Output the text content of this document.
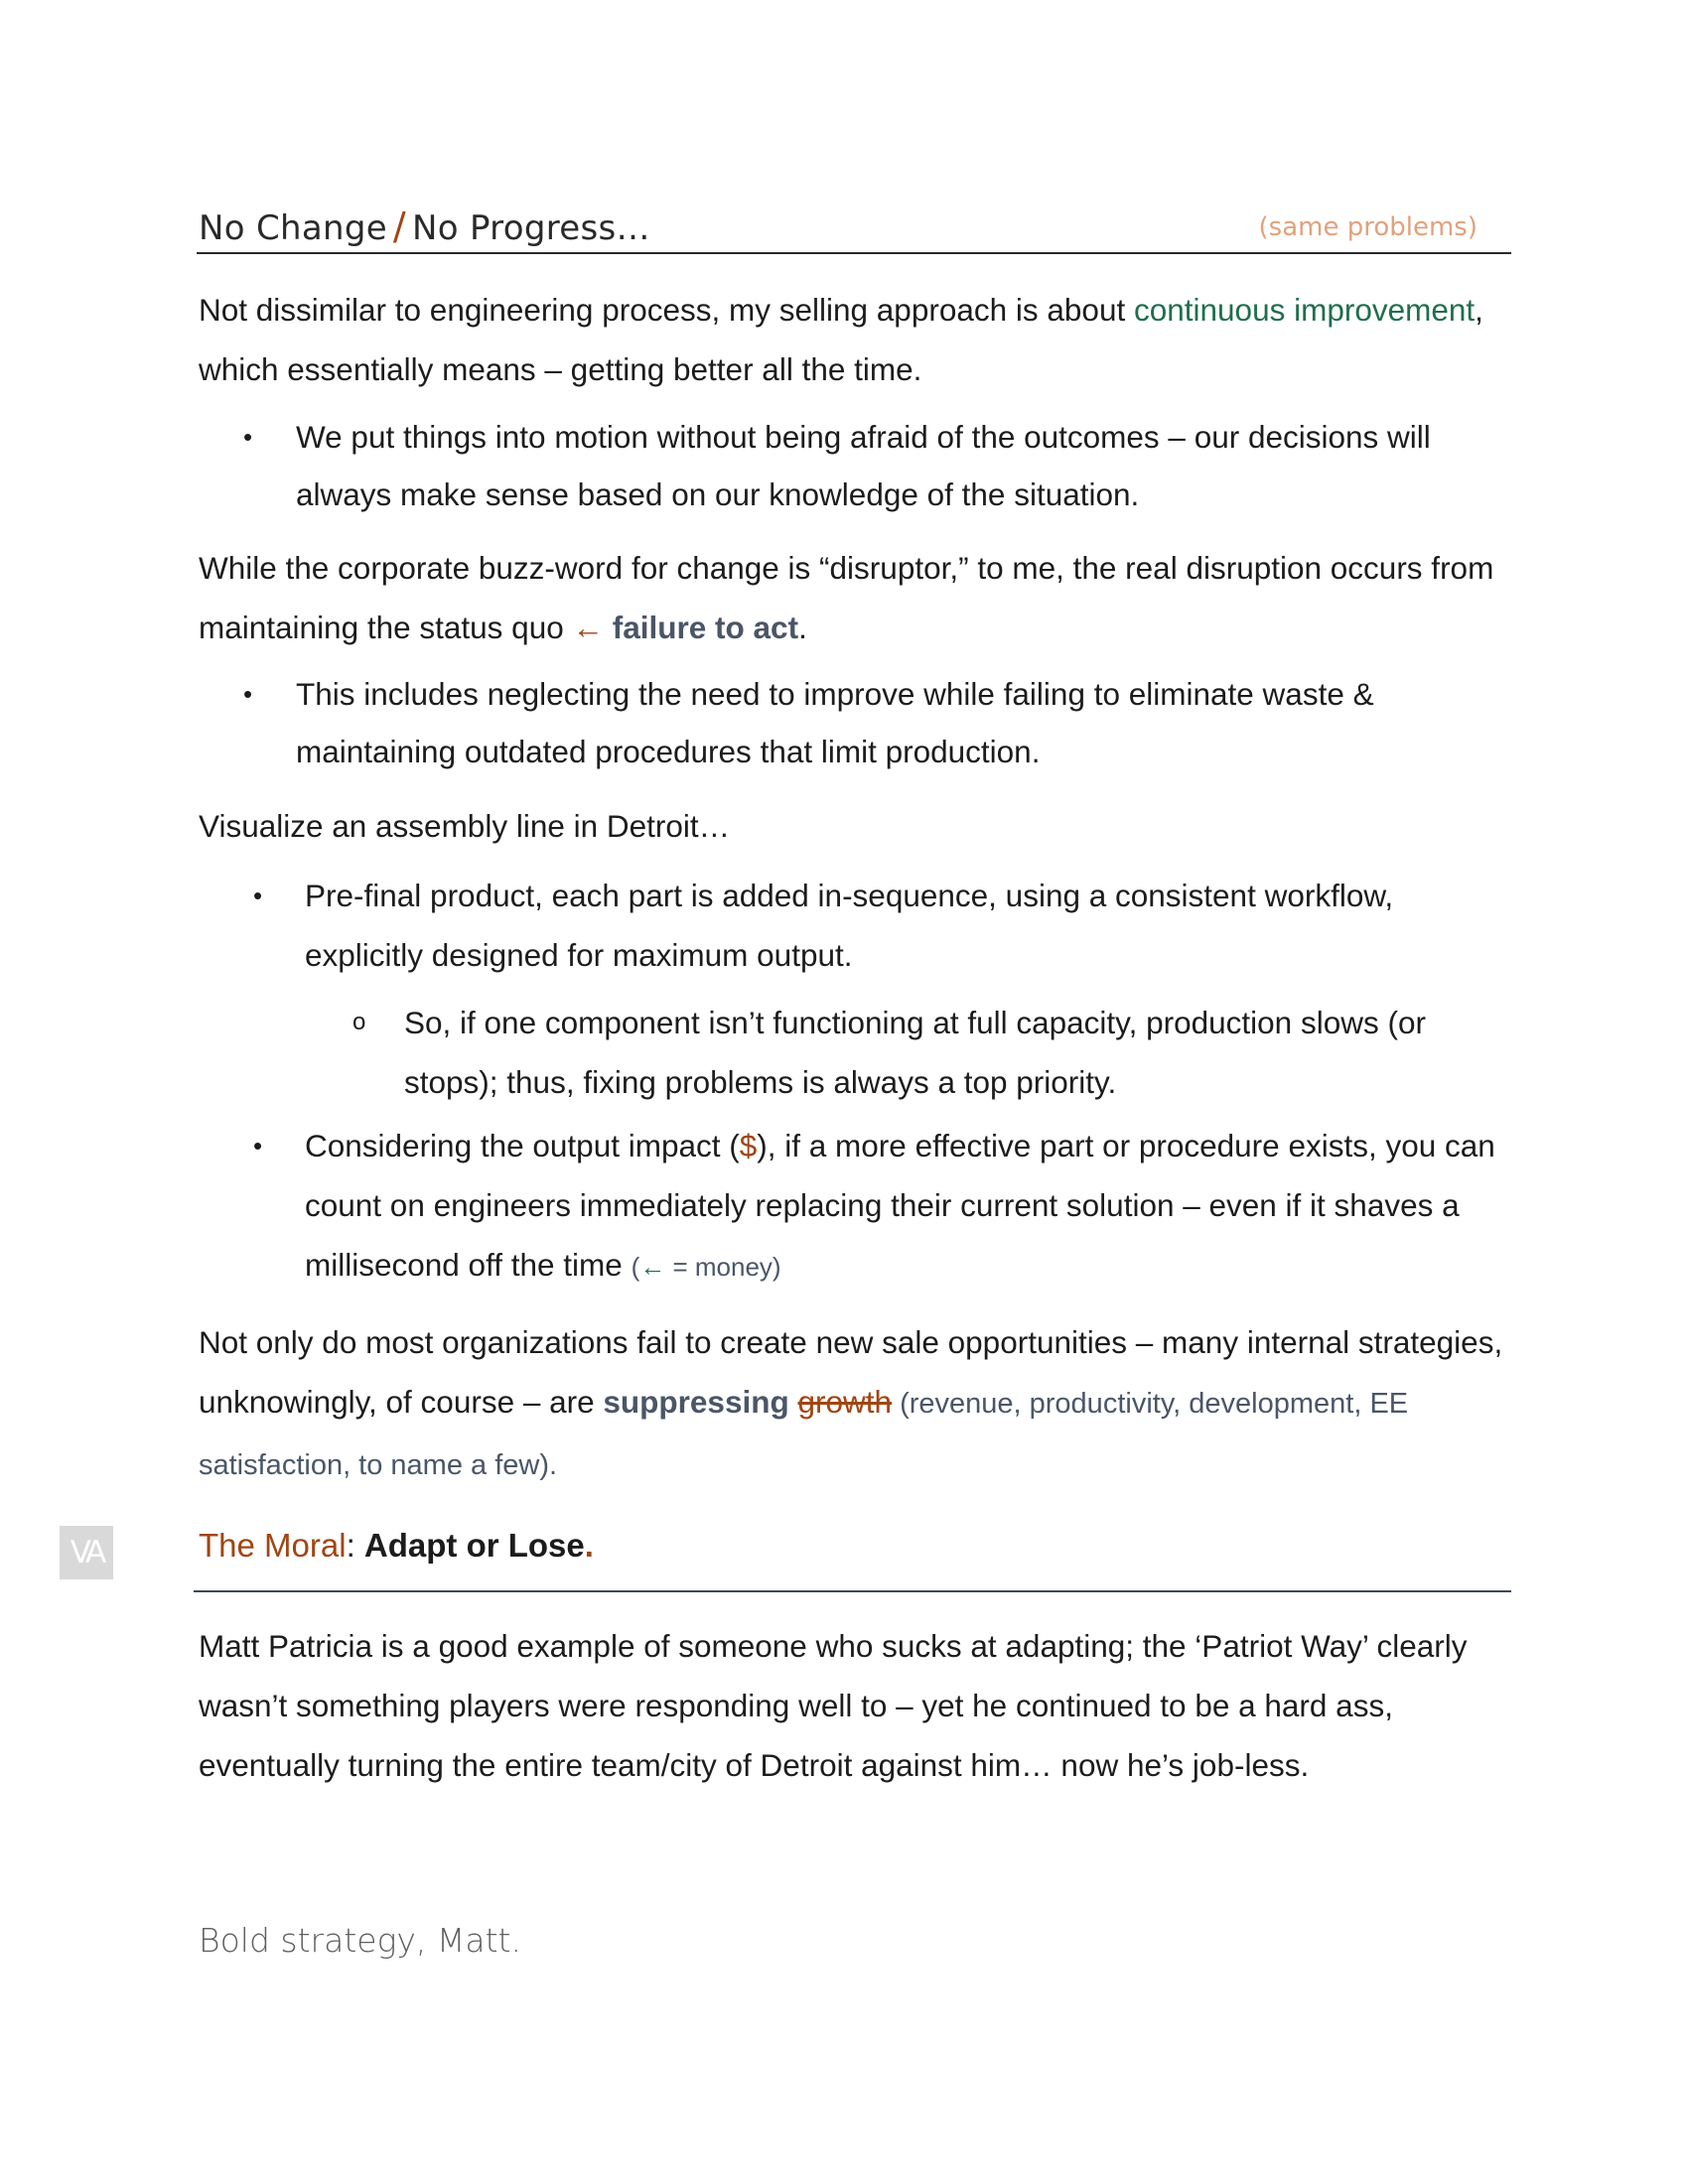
No Change / No Progress…	(same problems)

Not dissimilar to engineering process, my selling approach is about continuous improvement, which essentially means – getting better all the time.

• We put things into motion without being afraid of the outcomes – our decisions will always make sense based on our knowledge of the situation.

While the corporate buzz-word for change is “disruptor,” to me, the real disruption occurs from maintaining the status quo ← failure to act.

• This includes neglecting the need to improve while failing to eliminate waste & maintaining outdated procedures that limit production.

Visualize an assembly line in Detroit…

• Pre-final product, each part is added in-sequence, using a consistent workflow, explicitly designed for maximum output.
o So, if one component isn’t functioning at full capacity, production slows (or stops); thus, fixing problems is always a top priority.
• Considering the output impact ($), if a more effective part or procedure exists, you can count on engineers immediately replacing their current solution – even if it shaves a millisecond off the time (← = money)

Not only do most organizations fail to create new sale opportunities – many internal strategies, unknowingly, of course – are suppressing growth (revenue, productivity, development, EE satisfaction, to name a few).

VA	The Moral: Adapt or Lose.

Matt Patricia is a good example of someone who sucks at adapting; the ‘Patriot Way’ clearly wasn’t something players were responding well to – yet he continued to be a hard ass, eventually turning the entire team/city of Detroit against him… now he’s job-less.

Bold strategy, Matt.
